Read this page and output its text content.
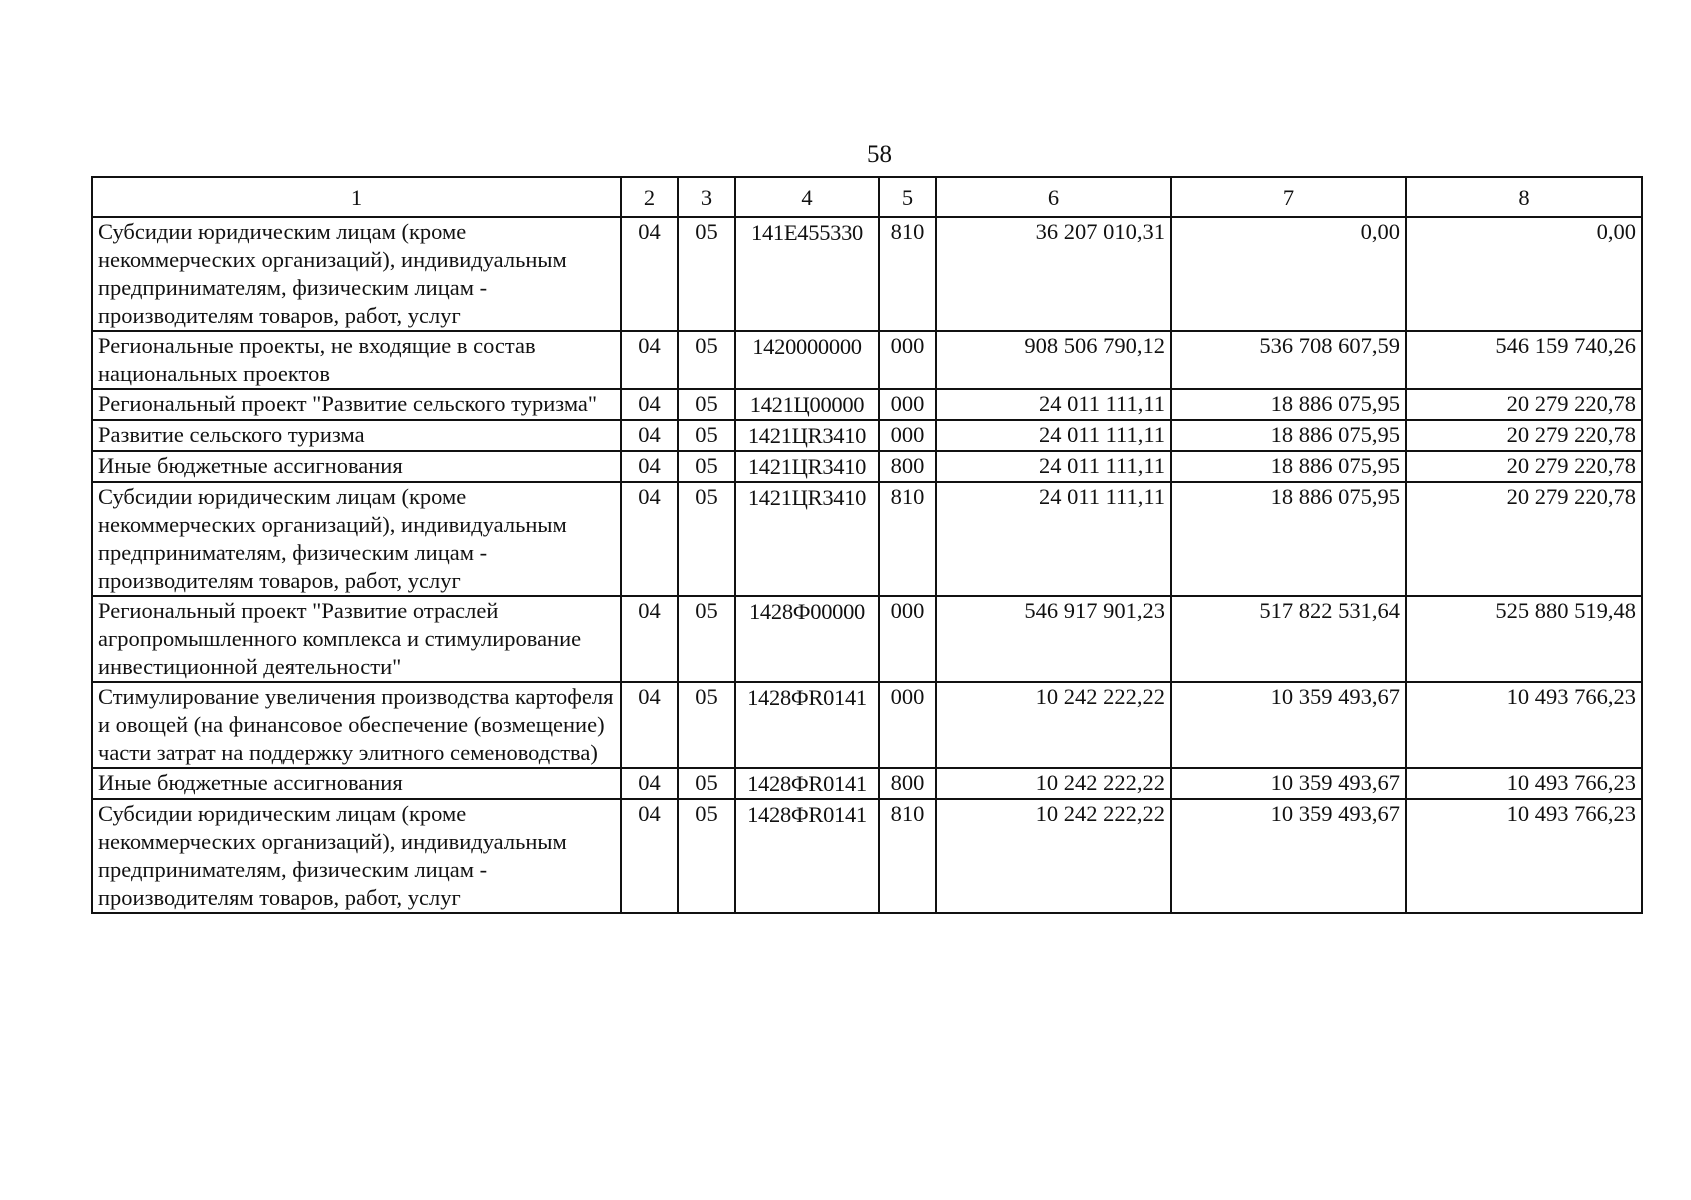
58
1	2	3	4	5	6	7	8
Субсидии юридическим лицам (кроме некоммерческих организаций), индивидуальным предпринимателям, физическим лицам - производителям товаров, работ, услуг	04	05	141E455330	810	36 207 010,31	0,00	0,00
Региональные проекты, не входящие в состав национальных проектов	04	05	1420000000	000	908 506 790,12	536 708 607,59	546 159 740,26
Региональный проект "Развитие сельского туризма"	04	05	1421Ц00000	000	24 011 111,11	18 886 075,95	20 279 220,78
Развитие сельского туризма	04	05	1421ЦR3410	000	24 011 111,11	18 886 075,95	20 279 220,78
Иные бюджетные ассигнования	04	05	1421ЦR3410	800	24 011 111,11	18 886 075,95	20 279 220,78
Субсидии юридическим лицам (кроме некоммерческих организаций), индивидуальным предпринимателям, физическим лицам - производителям товаров, работ, услуг	04	05	1421ЦR3410	810	24 011 111,11	18 886 075,95	20 279 220,78
Региональный проект "Развитие отраслей агропромышленного комплекса и стимулирование инвестиционной деятельности"	04	05	1428Ф00000	000	546 917 901,23	517 822 531,64	525 880 519,48
Стимулирование увеличения производства картофеля и овощей (на финансовое обеспечение (возмещение) части затрат на поддержку элитного семеноводства)	04	05	1428ФR0141	000	10 242 222,22	10 359 493,67	10 493 766,23
Иные бюджетные ассигнования	04	05	1428ФR0141	800	10 242 222,22	10 359 493,67	10 493 766,23
Субсидии юридическим лицам (кроме некоммерческих организаций), индивидуальным предпринимателям, физическим лицам - производителям товаров, работ, услуг	04	05	1428ФR0141	810	10 242 222,22	10 359 493,67	10 493 766,23
